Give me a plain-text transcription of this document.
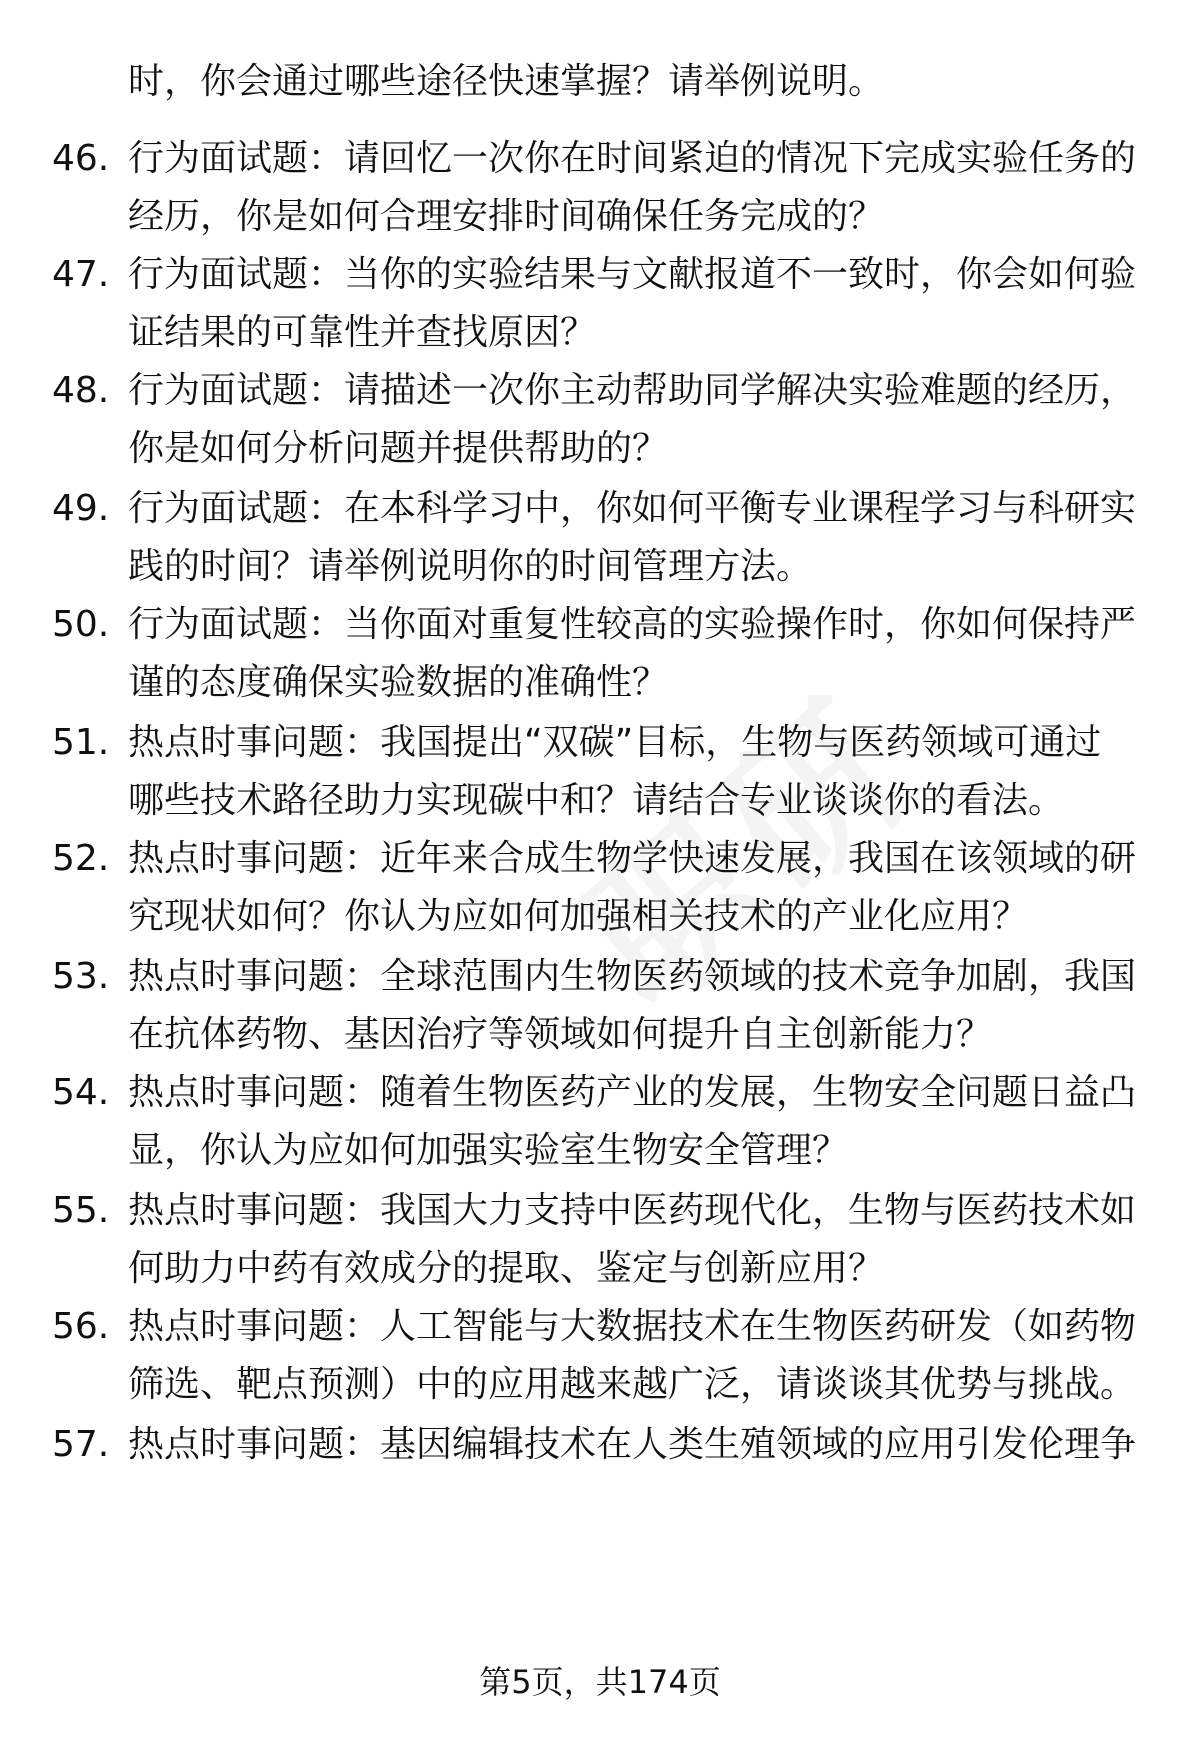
时，你会通过哪些途径快速掌握？请举例说明。
46. 行为面试题：请回忆一次你在时间紧迫的情况下完成实验任务的
经历，你是如何合理安排时间确保任务完成的？
47. 行为面试题：当你的实验结果与文献报道不一致时，你会如何验
证结果的可靠性并查找原因？
48. 行为面试题：请描述一次你主动帮助同学解决实验难题的经历，
你是如何分析问题并提供帮助的？
49. 行为面试题：在本科学习中，你如何平衡专业课程学习与科研实
践的时间？请举例说明你的时间管理方法。
50. 行为面试题：当你面对重复性较高的实验操作时，你如何保持严
谨的态度确保实验数据的准确性？
51. 热点时事问题：我国提出“双碳”目标，生物与医药领域可通过
哪些技术路径助力实现碳中和？请结合专业谈谈你的看法。
52. 热点时事问题：近年来合成生物学快速发展，我国在该领域的研
究现状如何？你认为应如何加强相关技术的产业化应用？
53. 热点时事问题：全球范围内生物医药领域的技术竞争加剧，我国
在抗体药物、基因治疗等领域如何提升自主创新能力？
54. 热点时事问题：随着生物医药产业的发展，生物安全问题日益凸
显，你认为应如何加强实验室生物安全管理？
55. 热点时事问题：我国大力支持中医药现代化，生物与医药技术如
何助力中药有效成分的提取、鉴定与创新应用？
56. 热点时事问题：人工智能与大数据技术在生物医药研发（如药物
筛选、靶点预测）中的应用越来越广泛，请谈谈其优势与挑战。
57. 热点时事问题：基因编辑技术在人类生殖领域的应用引发伦理争
第5页，共174页
